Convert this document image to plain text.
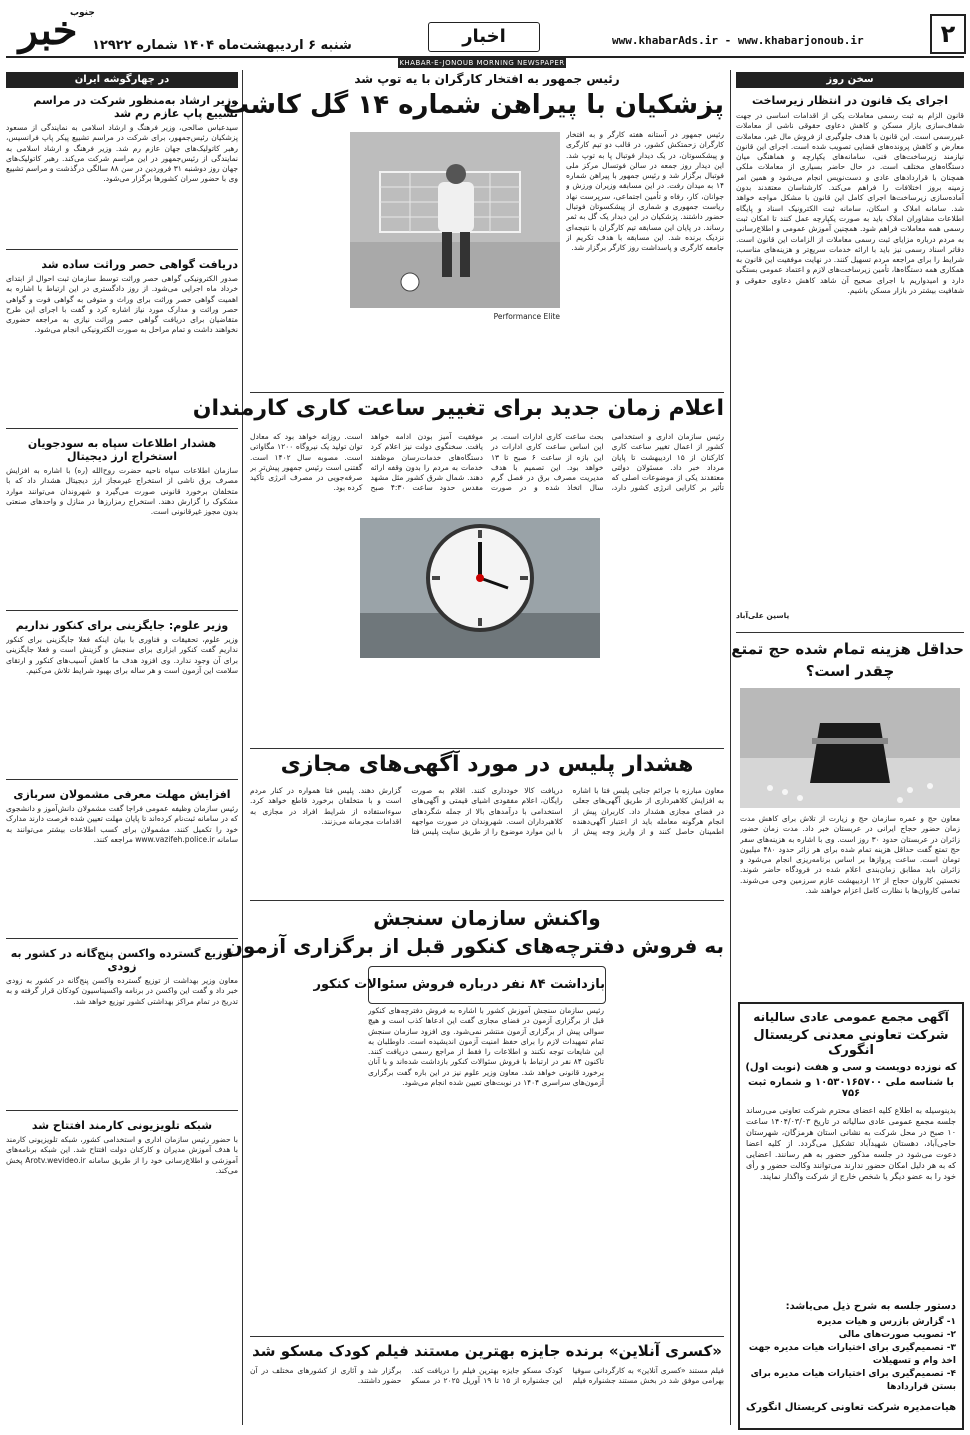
خبر
جنوب
شنبه ۶ اردیبهشت‌ماه ۱۴۰۴ شماره ۱۲۹۲۲	اخبار	www.khabarAds.ir - www.khabarjonoub.ir	۲
KHABAR-E-JONOUB MORNING NEWSPAPER
در چهارگوشه ایران
وزیر ارشاد به‌منظور شرکت در مراسم تشییع پاپ عازم رم شد
سیدعباس صالحی، وزیر فرهنگ و ارشاد اسلامی به نمایندگی از مسعود پزشکیان رئیس‌جمهور، برای شرکت در مراسم تشییع پیکر پاپ فرانسیس، رهبر کاتولیک‌های جهان عازم رم شد. وزیر فرهنگ و ارشاد اسلامی به نمایندگی از رئیس‌جمهور در این مراسم شرکت می‌کند. رهبر کاتولیک‌های جهان روز دوشنبه ۳۱ فروردین در سن ۸۸ سالگی درگذشت و مراسم تشییع وی با حضور سران کشورها برگزار می‌شود.
دریافت گواهی حصر وراثت ساده شد
صدور الکترونیکی گواهی حصر وراثت توسط سازمان ثبت احوال از ابتدای خرداد ماه اجرایی می‌شود. از روز دادگستری در این ارتباط با اشاره به اهمیت گواهی حصر وراثت برای وراث و متوفی به گواهی فوت و گواهی حصر وراثت و مدارک مورد نیاز اشاره کرد و گفت با اجرای این طرح متقاضیان برای دریافت گواهی حصر وراثت نیازی به مراجعه حضوری نخواهند داشت و تمام مراحل به صورت الکترونیکی انجام می‌شود.
هشدار اطلاعات سپاه به سودجویان استخراج ارز دیجیتال
سازمان اطلاعات سپاه ناحیه حضرت روح‌الله (ره) با اشاره به افزایش مصرف برق ناشی از استخراج غیرمجاز ارز دیجیتال هشدار داد که با متخلفان برخورد قانونی صورت می‌گیرد و شهروندان می‌توانند موارد مشکوک را گزارش دهند. استخراج رمزارزها در منازل و واحدهای صنعتی بدون مجوز غیرقانونی است.
وزیر علوم: جایگزینی برای کنکور نداریم
وزیر علوم، تحقیقات و فناوری با بیان اینکه فعلا جایگزینی برای کنکور نداریم گفت کنکور ابزاری برای سنجش و گزینش است و فعلا جایگزینی برای آن وجود ندارد. وی افزود هدف ما کاهش آسیب‌های کنکور و ارتقای سلامت این آزمون است و هر ساله برای بهبود شرایط تلاش می‌کنیم.
افزایش مهلت معرفی مشمولان سربازی
رئیس سازمان وظیفه عمومی فراجا گفت مشمولان دانش‌آموز و دانشجوی که در سامانه ثبت‌نام کرده‌اند تا پایان مهلت تعیین شده فرصت دارند مدارک خود را تکمیل کنند. مشمولان برای کسب اطلاعات بیشتر می‌توانند به سامانه www.vazifeh.police.ir مراجعه کنند.
توزیع گسترده واکسن پنج‌گانه در کشور به زودی
معاون وزیر بهداشت از توزیع گسترده واکسن پنج‌گانه در کشور به زودی خبر داد و گفت این واکسن در برنامه واکسیناسیون کودکان قرار گرفته و به تدریج در تمام مراکز بهداشتی کشور توزیع خواهد شد.
شبکه تلویزیونی کارمند افتتاح شد
با حضور رئیس سازمان اداری و استخدامی کشور، شبکه تلویزیونی کارمند با هدف آموزش مدیران و کارکنان دولت افتتاح شد. این شبکه برنامه‌های آموزشی و اطلاع‌رسانی خود را از طریق سامانه Arotv.wevideo.ir پخش می‌کند.
رئیس جمهور به افتخار کارگران با یه توپ شد
پزشکیان با پیراهن شماره ۱۴ گل کاشت
رئیس جمهور در آستانه هفته کارگر و به افتخار کارگران زحمتکش کشور، در قالب دو تیم کارگری و پیشکسوتان، در یک دیدار فوتبال پا به توپ شد. این دیدار روز جمعه در سالن فوتسال مرکز ملی فوتبال برگزار شد و رئیس جمهور با پیراهن شماره ۱۴ به میدان رفت. در این مسابقه وزیران ورزش و جوانان، کار، رفاه و تأمین اجتماعی، سرپرست نهاد ریاست جمهوری و شماری از پیشکسوتان فوتبال حضور داشتند. پزشکیان در این دیدار یک گل به ثمر رساند. در پایان این مسابقه تیم کارگران با نتیجه‌ای نزدیک برنده شد. این مسابقه با هدف تکریم از جامعه کارگری و پاسداشت روز کارگر برگزار شد.
Performance Elite
اعلام زمان جدید برای تغییر ساعت کاری کارمندان
رئیس سازمان اداری و استخدامی کشور از اعمال تغییر ساعت کاری کارکنان از ۱۵ اردیبهشت تا پایان مرداد خبر داد. مسئولان دولتی معتقدند یکی از موضوعات اصلی که تأثیر بر کارایی انرژی کشور دارد، بحث ساعت کاری ادارات است. بر این اساس ساعت کاری ادارات در این بازه از ساعت ۶ صبح تا ۱۳ خواهد بود. این تصمیم با هدف مدیریت مصرف برق در فصل گرم سال اتخاذ شده و در صورت موفقیت آمیز بودن ادامه خواهد یافت. سخنگوی دولت نیز اعلام کرد دستگاه‌های خدمات‌رسان موظفند خدمات به مردم را بدون وقفه ارائه دهند. شمال شرق کشور مثل مشهد مقدس حدود ساعت ۴:۳۰ صبح است. روزانه خواهد بود که معادل توان تولید یک نیروگاه ۱۲۰۰ مگاواتی است. مصوبه سال ۱۴۰۲ است. گفتنی است رئیس جمهور پیش‌تر بر صرفه‌جویی در مصرف انرژی تأکید کرده بود.
هشدار پلیس در مورد آگهی‌های مجازی
معاون مبارزه با جرائم جنایی پلیس فتا با اشاره به افزایش کلاهبرداری از طریق آگهی‌های جعلی در فضای مجازی هشدار داد. کاربران پیش از انجام هرگونه معامله باید از اعتبار آگهی‌دهنده اطمینان حاصل کنند و از واریز وجه پیش از دریافت کالا خودداری کنند. اقلام به صورت رایگان، اعلام مفقودی اشیای قیمتی و آگهی‌های استخدامی با درآمدهای بالا از جمله شگردهای کلاهبرداران است. شهروندان در صورت مواجهه با این موارد موضوع را از طریق سایت پلیس فتا گزارش دهند. پلیس فتا همواره در کنار مردم است و با متخلفان برخورد قاطع خواهد کرد. سوءاستفاده از شرایط افراد در مجازی به اقدامات مجرمانه می‌زنند.
واکنش سازمان سنجش
به فروش دفترچه‌های کنکور قبل از برگزاری آزمون
بازداشت ۸۴ نفر درباره فروش سئوالات کنکور
رئیس سازمان سنجش آموزش کشور با اشاره به فروش دفترچه‌های کنکور قبل از برگزاری آزمون در فضای مجازی گفت این ادعاها کذب است و هیچ سوالی پیش از برگزاری آزمون منتشر نمی‌شود. وی افزود سازمان سنجش تمام تمهیدات لازم را برای حفظ امنیت آزمون اندیشیده است. داوطلبان به این شایعات توجه نکنند و اطلاعات را فقط از مراجع رسمی دریافت کنند. تاکنون ۸۴ نفر در ارتباط با فروش سئوالات کنکور بازداشت شده‌اند و با آنان برخورد قانونی خواهد شد. معاون وزیر علوم نیز در این باره گفت برگزاری آزمون‌های سراسری ۱۴۰۴ در نوبت‌های تعیین شده انجام می‌شود.
«کسری آنلاین» برنده جایزه بهترین مستند فیلم کودک مسکو شد
فیلم مستند «کسری آنلاین» به کارگردانی سوفیا بهرامی موفق شد در بخش مستند جشنواره فیلم کودک مسکو جایزه بهترین فیلم را دریافت کند. این جشنواره از ۱۵ تا ۱۹ آوریل ۲۰۲۵ در مسکو برگزار شد و آثاری از کشورهای مختلف در آن حضور داشتند.
سخن روز
اجرای یک قانون در انتظار زیرساخت
قانون الزام به ثبت رسمی معاملات یکی از اقدامات اساسی در جهت شفاف‌سازی بازار مسکن و کاهش دعاوی حقوقی ناشی از معاملات غیررسمی است. این قانون با هدف جلوگیری از فروش مال غیر، معاملات معارض و کاهش پرونده‌های قضایی تصویب شده است. اجرای این قانون نیازمند زیرساخت‌های فنی، سامانه‌های یکپارچه و هماهنگی میان دستگاه‌های مختلف است. در حال حاضر بسیاری از معاملات ملکی همچنان با قراردادهای عادی و دست‌نویس انجام می‌شود و همین امر زمینه بروز اختلافات را فراهم می‌کند. کارشناسان معتقدند بدون آماده‌سازی زیرساخت‌ها اجرای کامل این قانون با مشکل مواجه خواهد شد. سامانه املاک و اسکان، سامانه ثبت الکترونیک اسناد و پایگاه اطلاعات مشاوران املاک باید به صورت یکپارچه عمل کنند تا امکان ثبت رسمی همه معاملات فراهم شود. همچنین آموزش عمومی و اطلاع‌رسانی به مردم درباره مزایای ثبت رسمی معاملات از الزامات این قانون است. دفاتر اسناد رسمی نیز باید با ارائه خدمات سریع‌تر و هزینه‌های مناسب، شرایط را برای مراجعه مردم تسهیل کنند. در نهایت موفقیت این قانون به همکاری همه دستگاه‌ها، تأمین زیرساخت‌های لازم و اعتماد عمومی بستگی دارد و امیدواریم با اجرای صحیح آن شاهد کاهش دعاوی حقوقی و شفافیت بیشتر در بازار مسکن باشیم.
یاسین علی‌آباد
حداقل هزینه تمام شده حج تمتع
چقدر است؟
معاون حج و عمره سازمان حج و زیارت از تلاش برای کاهش مدت زمان حضور حجاج ایرانی در عربستان خبر داد. مدت زمان حضور زائران در عربستان حدود ۳۰ روز است. وی با اشاره به هزینه‌های سفر حج تمتع گفت حداقل هزینه تمام شده برای هر زائر حدود ۴۸۰ میلیون تومان است. ساعت پروازها بر اساس برنامه‌ریزی انجام می‌شود و زائران باید مطابق زمان‌بندی اعلام شده در فرودگاه حاضر شوند. نخستین کاروان حجاج از ۱۲ اردیبهشت عازم سرزمین وحی می‌شوند. تمامی کاروان‌ها با نظارت کامل اعزام خواهند شد.
آگهی مجمع عمومی عادی سالیانه
شرکت تعاونی معدنی کریستال انگورک
که نوزده دویست و سی و هفت (نوبت اول)
با شناسه ملی ۱۰۵۳۰۱۶۵۷۰۰ و شماره ثبت ۷۵۶
بدینوسیله به اطلاع کلیه اعضای محترم شرکت تعاونی می‌رساند جلسه مجمع عمومی عادی سالیانه در تاریخ ۱۴۰۴/۰۳/۰۳ ساعت ۱۰ صبح در محل شرکت به نشانی استان هرمزگان، شهرستان حاجی‌آباد، دهستان شهیدآباد تشکیل می‌گردد. از کلیه اعضا دعوت می‌شود در جلسه مذکور حضور به هم رسانند. اعضایی که به هر دلیل امکان حضور ندارند می‌توانند وکالت حضور و رأی خود را به عضو دیگر یا شخص خارج از شرکت واگذار نمایند.
دستور جلسه به شرح ذیل می‌باشد:
۱- گزارش بازرس و هیات مدیره
۲- تصویب صورت‌های مالی
۳- تصمیم‌گیری برای اختیارات هیات مدیره جهت اخذ وام و تسهیلات
۴- تصمیم‌گیری برای اختیارات هیات مدیره برای بستن قراردادها
هیات‌مدیره شرکت تعاونی کریستال انگورک
